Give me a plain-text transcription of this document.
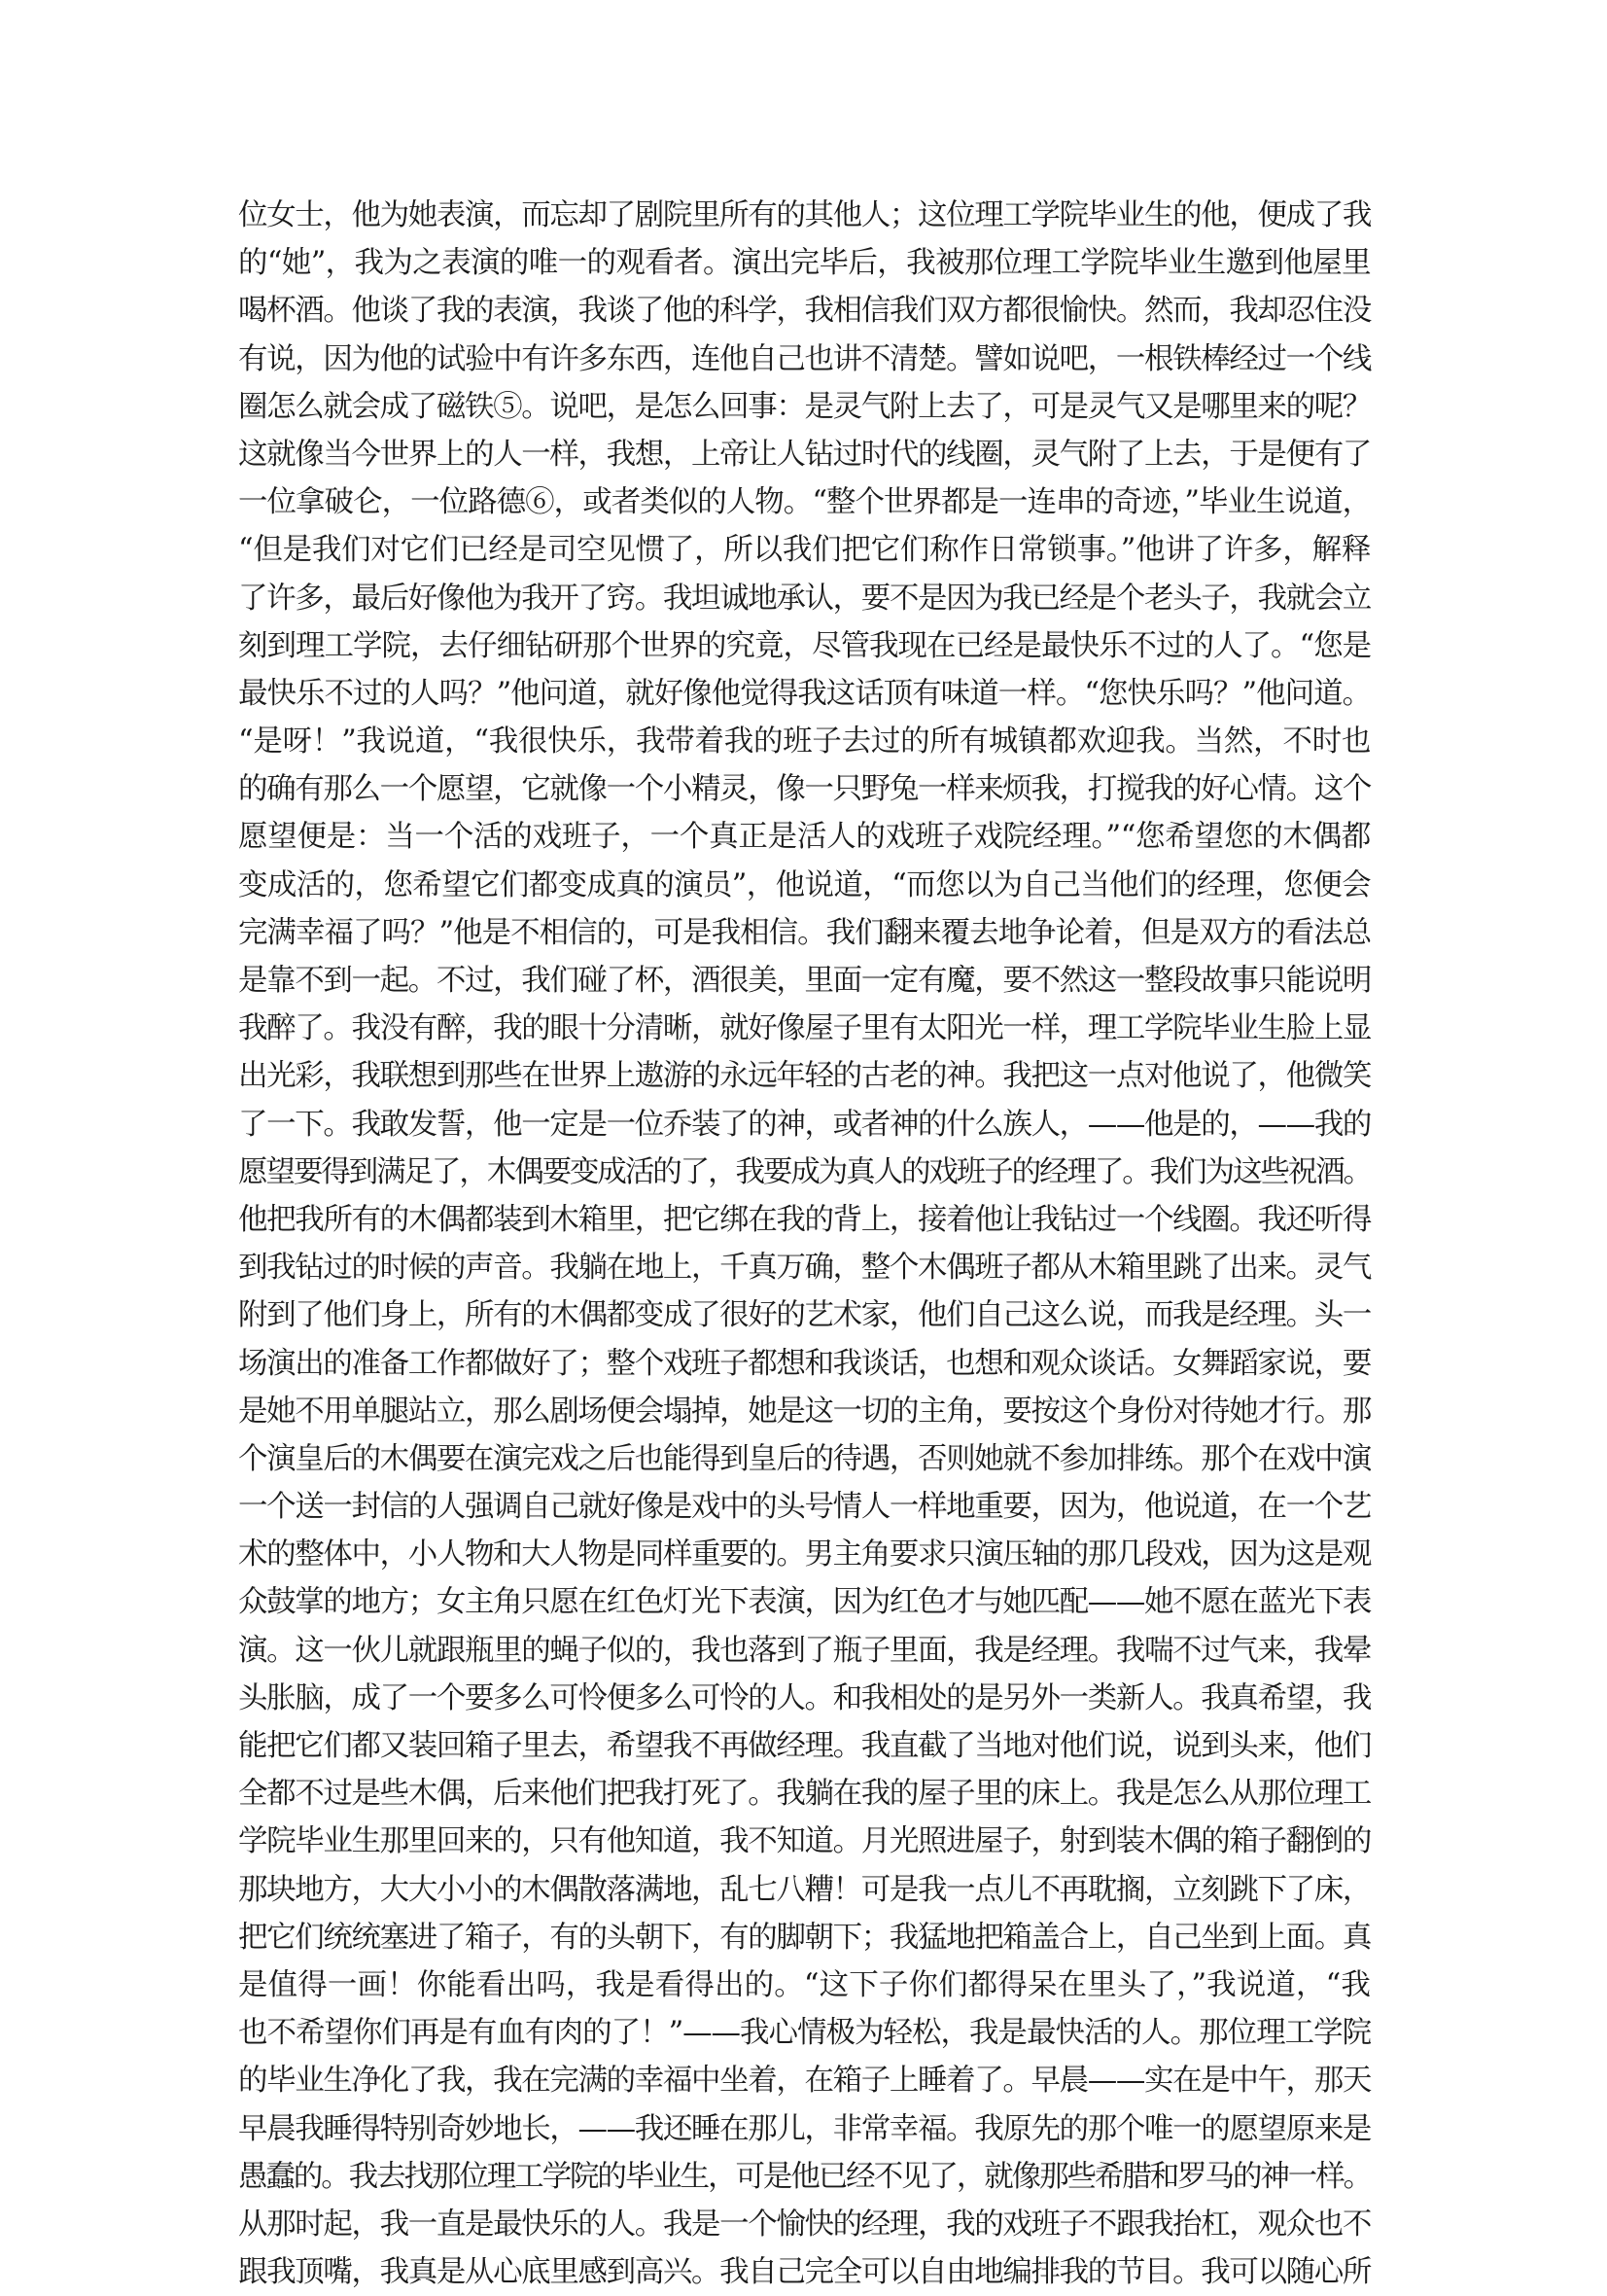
位女士，他为她表演，而忘却了剧院里所有的其他人；这位理工学院毕业生的他，便成了我
的“她”，我为之表演的唯一的观看者。演出完毕后，我被那位理工学院毕业生邀到他屋里
喝杯酒。他谈了我的表演，我谈了他的科学，我相信我们双方都很愉快。然而，我却忍住没
有说，因为他的试验中有许多东西，连他自己也讲不清楚。譬如说吧，一根铁棒经过一个线
圈怎么就会成了磁铁⑤。说吧，是怎么回事：是灵气附上去了，可是灵气又是哪里来的呢？
这就像当今世界上的人一样，我想，上帝让人钻过时代的线圈，灵气附了上去，于是便有了
一位拿破仑，一位路德⑥，或者类似的人物。“整个世界都是一连串的奇迹，”毕业生说道，
“但是我们对它们已经是司空见惯了，所以我们把它们称作日常锁事。”他讲了许多，解释
了许多，最后好像他为我开了窍。我坦诚地承认，要不是因为我已经是个老头子，我就会立
刻到理工学院，去仔细钻研那个世界的究竟，尽管我现在已经是最快乐不过的人了。“您是
最快乐不过的人吗？”他问道，就好像他觉得我这话顶有味道一样。“您快乐吗？”他问道。
“是呀！”我说道，“我很快乐，我带着我的班子去过的所有城镇都欢迎我。当然，不时也
的确有那么一个愿望，它就像一个小精灵，像一只野兔一样来烦我，打搅我的好心情。这个
愿望便是：当一个活的戏班子，一个真正是活人的戏班子戏院经理。”“您希望您的木偶都
变成活的，您希望它们都变成真的演员”，他说道，“而您以为自己当他们的经理，您便会
完满幸福了吗？”他是不相信的，可是我相信。我们翻来覆去地争论着，但是双方的看法总
是靠不到一起。不过，我们碰了杯，酒很美，里面一定有魔，要不然这一整段故事只能说明
我醉了。我没有醉，我的眼十分清晰，就好像屋子里有太阳光一样，理工学院毕业生脸上显
出光彩，我联想到那些在世界上遨游的永远年轻的古老的神。我把这一点对他说了，他微笑
了一下。我敢发誓，他一定是一位乔装了的神，或者神的什么族人，——他是的，——我的
愿望要得到满足了，木偶要变成活的了，我要成为真人的戏班子的经理了。我们为这些祝酒。
他把我所有的木偶都装到木箱里，把它绑在我的背上，接着他让我钻过一个线圈。我还听得
到我钻过的时候的声音。我躺在地上，千真万确，整个木偶班子都从木箱里跳了出来。灵气
附到了他们身上，所有的木偶都变成了很好的艺术家，他们自己这么说，而我是经理。头一
场演出的准备工作都做好了；整个戏班子都想和我谈话，也想和观众谈话。女舞蹈家说，要
是她不用单腿站立，那么剧场便会塌掉，她是这一切的主角，要按这个身份对待她才行。那
个演皇后的木偶要在演完戏之后也能得到皇后的待遇，否则她就不参加排练。那个在戏中演
一个送一封信的人强调自己就好像是戏中的头号情人一样地重要，因为，他说道，在一个艺
术的整体中，小人物和大人物是同样重要的。男主角要求只演压轴的那几段戏，因为这是观
众鼓掌的地方；女主角只愿在红色灯光下表演，因为红色才与她匹配——她不愿在蓝光下表
演。这一伙儿就跟瓶里的蝇子似的，我也落到了瓶子里面，我是经理。我喘不过气来，我晕
头胀脑，成了一个要多么可怜便多么可怜的人。和我相处的是另外一类新人。我真希望，我
能把它们都又装回箱子里去，希望我不再做经理。我直截了当地对他们说，说到头来，他们
全都不过是些木偶，后来他们把我打死了。我躺在我的屋子里的床上。我是怎么从那位理工
学院毕业生那里回来的，只有他知道，我不知道。月光照进屋子，射到装木偶的箱子翻倒的
那块地方，大大小小的木偶散落满地，乱七八糟！可是我一点儿不再耽搁，立刻跳下了床，
把它们统统塞进了箱子，有的头朝下，有的脚朝下；我猛地把箱盖合上，自己坐到上面。真
是值得一画！你能看出吗，我是看得出的。“这下子你们都得呆在里头了，”我说道，“我
也不希望你们再是有血有肉的了！”——我心情极为轻松，我是最快活的人。那位理工学院
的毕业生净化了我，我在完满的幸福中坐着，在箱子上睡着了。早晨——实在是中午，那天
早晨我睡得特别奇妙地长，——我还睡在那儿，非常幸福。我原先的那个唯一的愿望原来是
愚蠢的。我去找那位理工学院的毕业生，可是他已经不见了，就像那些希腊和罗马的神一样。
从那时起，我一直是最快乐的人。我是一个愉快的经理，我的戏班子不跟我抬杠，观众也不
跟我顶嘴，我真是从心底里感到高兴。我自己完全可以自由地编排我的节目。我可以随心所
